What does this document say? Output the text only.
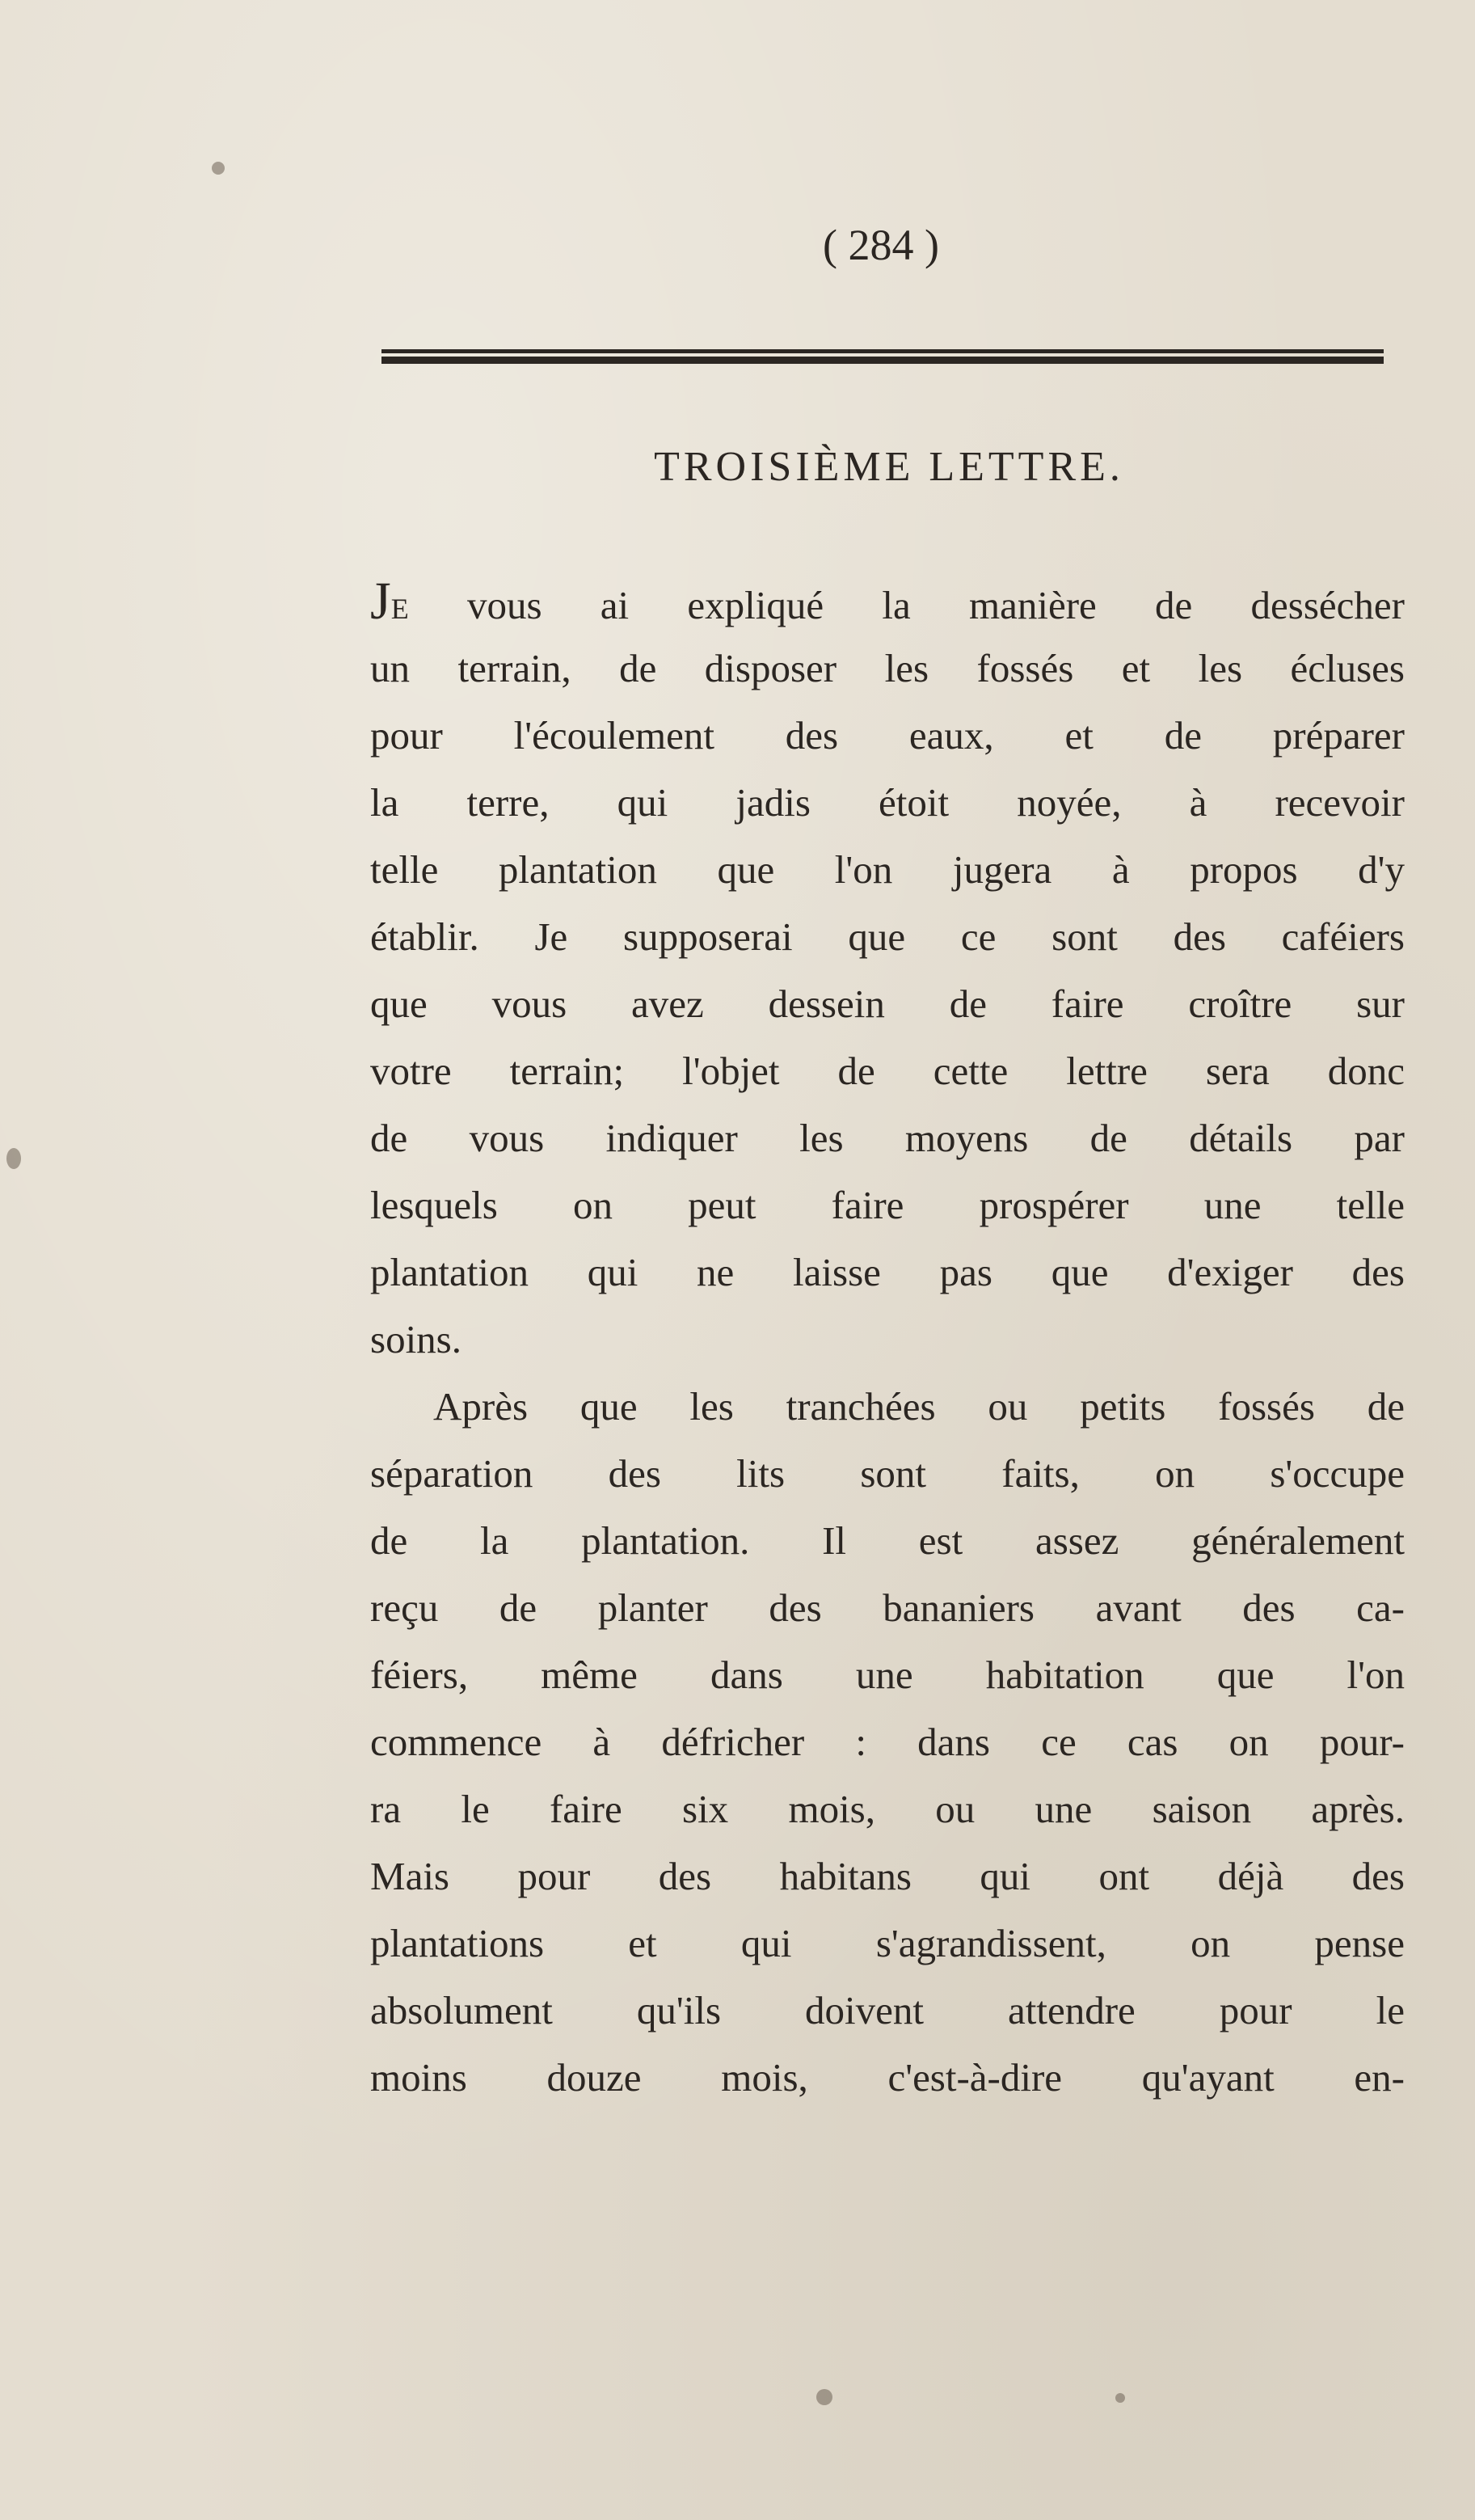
( 284 )
TROISIÈME LETTRE.
JE vous ai expliqué la manière de dessécher
un terrain, de disposer les fossés et les écluses
pour l'écoulement des eaux, et de préparer
la terre, qui jadis étoit noyée, à recevoir
telle plantation que l'on jugera à propos d'y
établir. Je supposerai que ce sont des caféiers
que vous avez dessein de faire croître sur
votre terrain; l'objet de cette lettre sera donc
de vous indiquer les moyens de détails par
lesquels on peut faire prospérer une telle
plantation qui ne laisse pas que d'exiger des
soins.
Après que les tranchées ou petits fossés de
séparation des lits sont faits, on s'occupe
de la plantation. Il est assez généralement
reçu de planter des bananiers avant des ca-
féiers, même dans une habitation que l'on
commence à défricher : dans ce cas on pour-
ra le faire six mois, ou une saison après.
Mais pour des habitans qui ont déjà des
plantations et qui s'agrandissent, on pense
absolument qu'ils doivent attendre pour le
moins douze mois, c'est-à-dire qu'ayant en-
